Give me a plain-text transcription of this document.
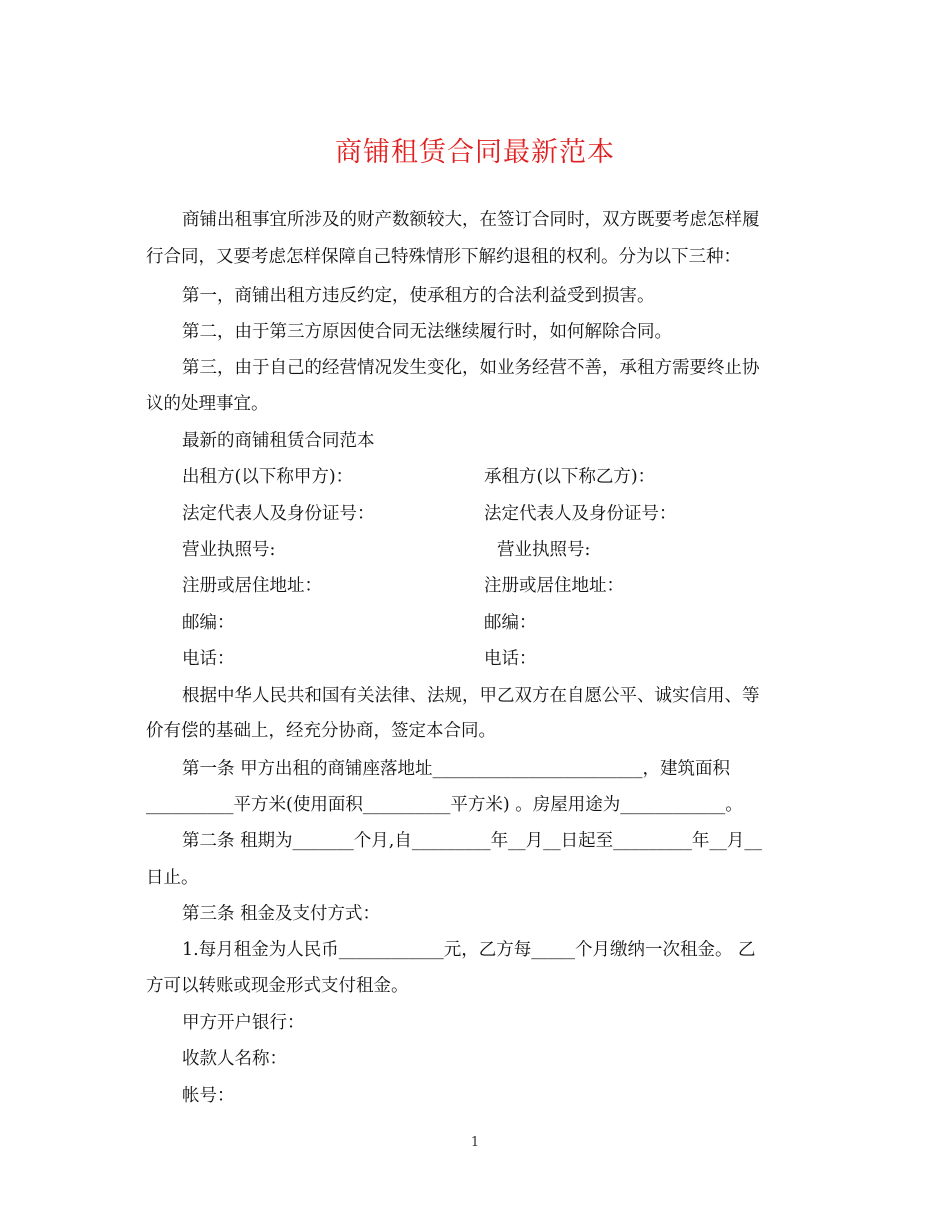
商铺租赁合同最新范本
商铺出租事宜所涉及的财产数额较大，在签订合同时，双方既要考虑怎样履
行合同，又要考虑怎样保障自己特殊情形下解约退租的权利。分为以下三种：
第一，商铺出租方违反约定，使承租方的合法利益受到损害。
第二，由于第三方原因使合同无法继续履行时，如何解除合同。
第三，由于自己的经营情况发生变化，如业务经营不善，承租方需要终止协
议的处理事宜。
最新的商铺租赁合同范本
出租方(以下称甲方)：	承租方(以下称乙方)：
法定代表人及身份证号：	法定代表人及身份证号：
营业执照号:	营业执照号:
注册或居住地址：	注册或居住地址：
邮编：	邮编：
电话：	电话：
根据中华人民共和国有关法律、法规，甲乙双方在自愿公平、诚实信用、等
价有偿的基础上，经充分协商，签定本合同。
第一条 甲方出租的商铺座落地址________________________，建筑面积
__________平方米(使用面积__________平方米) 。房屋用途为____________。
第二条 租期为_______个月,自_________年__月__日起至_________年__月__
日止。
第三条 租金及支付方式：
1.每月租金为人民币____________元，乙方每_____个月缴纳一次租金。 乙
方可以转账或现金形式支付租金。
甲方开户银行：
收款人名称：
帐号：
1
